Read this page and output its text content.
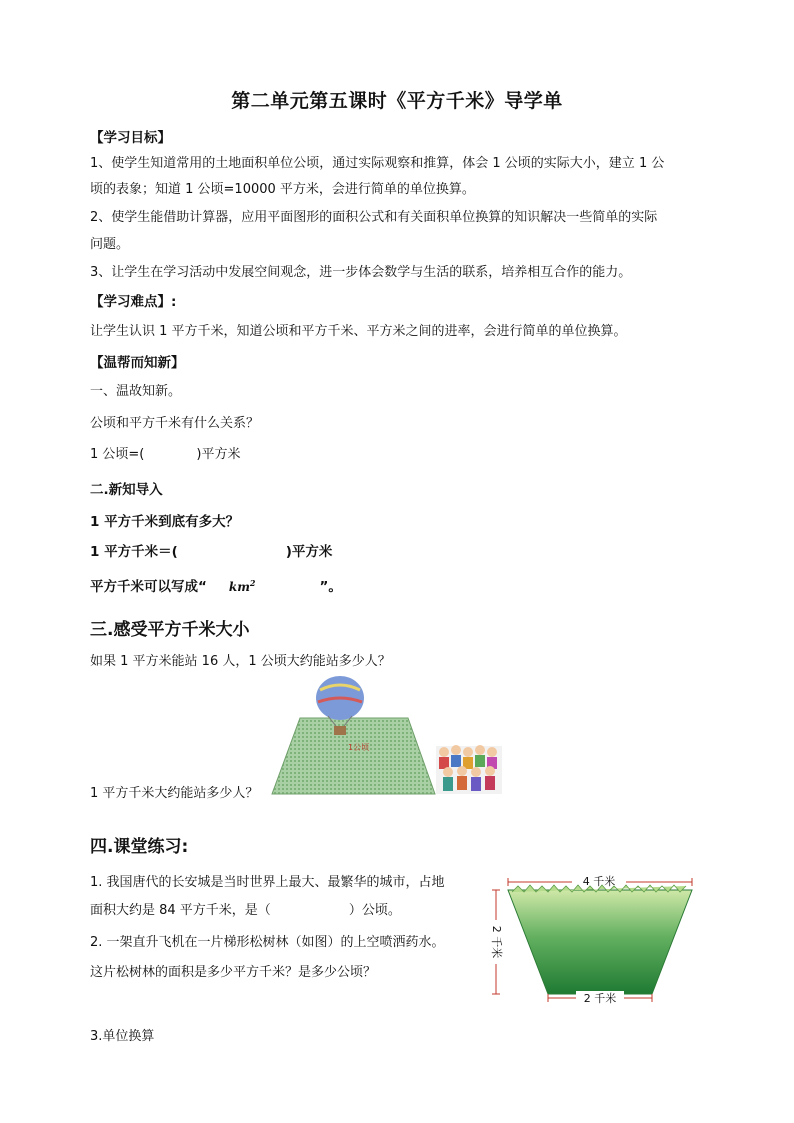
第二单元第五课时《平方千米》导学单
【学习目标】
1、使学生知道常用的土地面积单位公顷，通过实际观察和推算，体会 1 公顷的实际大小，建立 1 公
顷的表象；知道 1 公顷=10000 平方米，会进行简单的单位换算。
2、使学生能借助计算器，应用平面图形的面积公式和有关面积单位换算的知识解决一些简单的实际
问题。
3、让学生在学习活动中发展空间观念，进一步体会数学与生活的联系，培养相互合作的能力。
【学习难点】:
让学生认识 1 平方千米，知道公顷和平方千米、平方米之间的进率，会进行简单的单位换算。
【温帮而知新】
一、温故知新。
公顷和平方千米有什么关系？
1 公顷=(	)平方米
二.新知导入
1 平方千米到底有多大？
1 平方千米＝(	)平方米
平方千米可以写成“ $km^2$	”。
三.感受平方千米大小
如果 1 平方米能站 16 人，1 公顷大约能站多少人？
1公顷
1 平方千米大约能站多少人？
四.课堂练习:
1. 我国唐代的长安城是当时世界上最大、最繁华的城市，占地
面积大约是 84 平方千米，是（	）公顷。
2. 一架直升飞机在一片梯形松树林（如图）的上空喷洒药水。
这片松树林的面积是多少平方千米？是多少公顷？
4 千米
2 千米
2 千米
3.单位换算
